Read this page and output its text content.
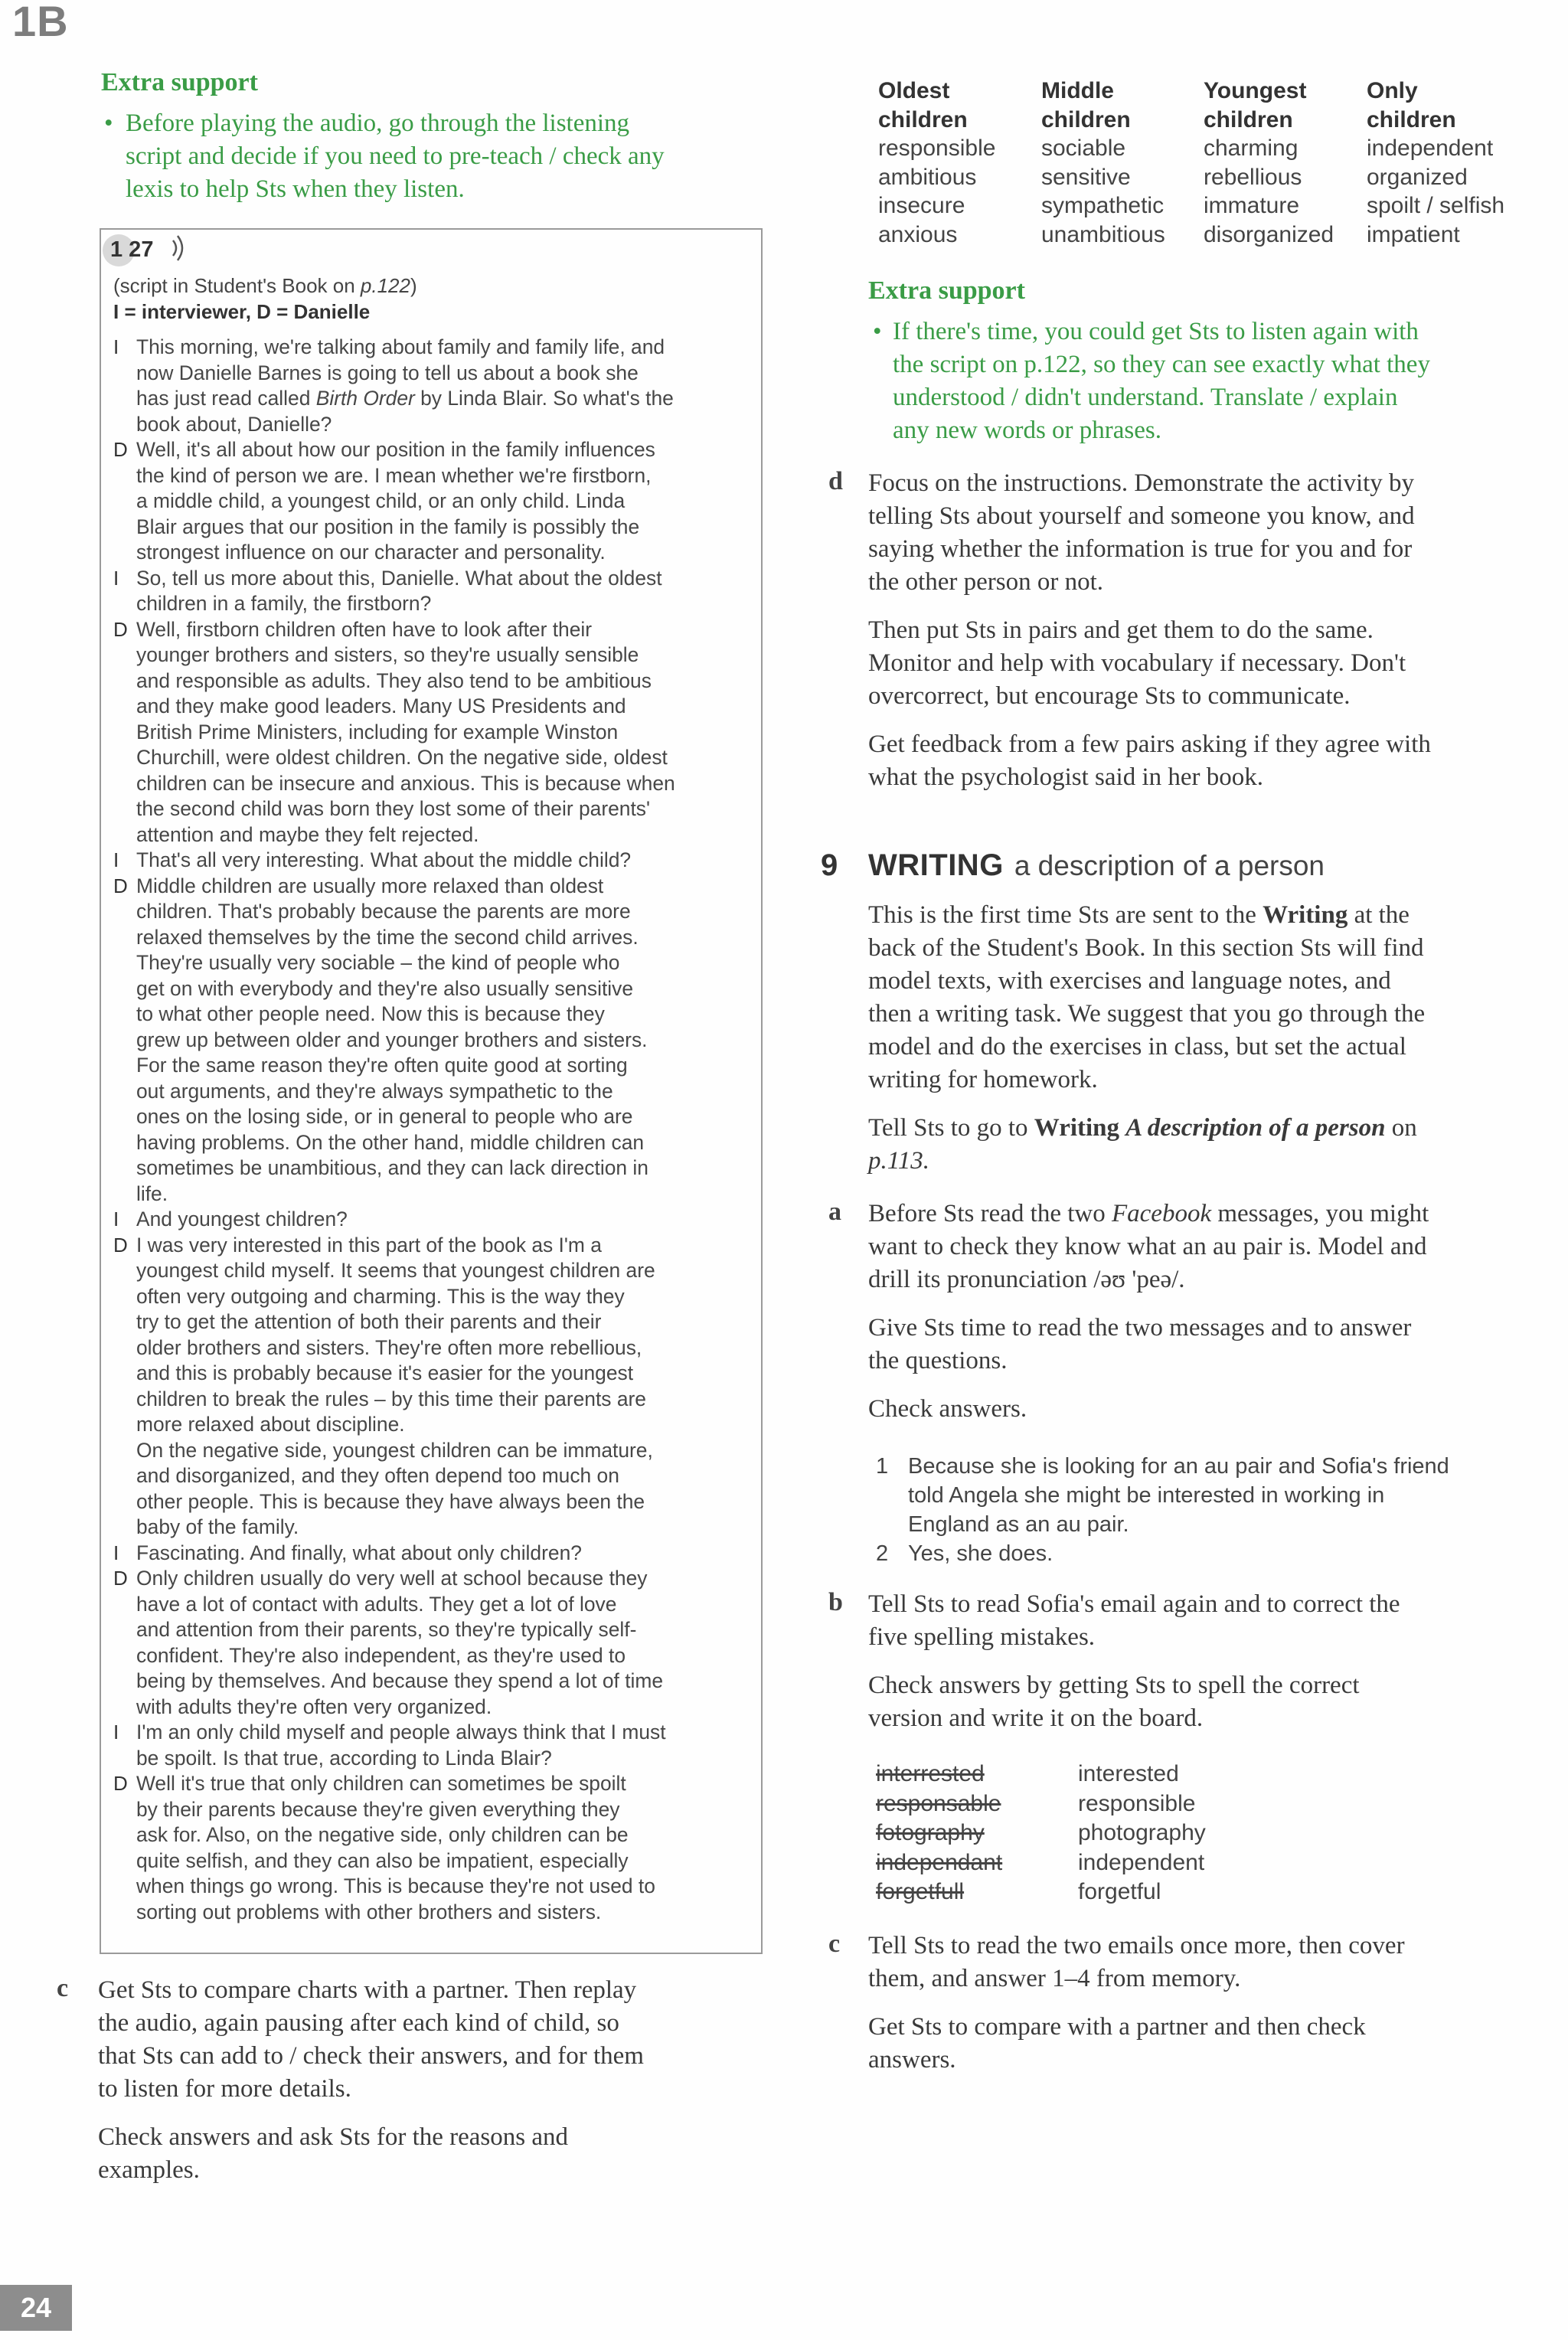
1B
Extra support
• Before playing the audio, go through the listening
script and decide if you need to pre-teach / check any
lexis to help Sts when they listen.
1 27
(script in Student's Book on p.122)
I = interviewer, D = Danielle
I This morning, we're talking about family and family life, and
now Danielle Barnes is going to tell us about a book she
has just read called Birth Order by Linda Blair. So what's the
book about, Danielle?
D Well, it's all about how our position in the family influences
the kind of person we are. I mean whether we're firstborn,
a middle child, a youngest child, or an only child. Linda
Blair argues that our position in the family is possibly the
strongest influence on our character and personality.
I So, tell us more about this, Danielle. What about the oldest
children in a family, the firstborn?
D Well, firstborn children often have to look after their
younger brothers and sisters, so they're usually sensible
and responsible as adults. They also tend to be ambitious
and they make good leaders. Many US Presidents and
British Prime Ministers, including for example Winston
Churchill, were oldest children. On the negative side, oldest
children can be insecure and anxious. This is because when
the second child was born they lost some of their parents'
attention and maybe they felt rejected.
I That's all very interesting. What about the middle child?
D Middle children are usually more relaxed than oldest
children. That's probably because the parents are more
relaxed themselves by the time the second child arrives.
They're usually very sociable – the kind of people who
get on with everybody and they're also usually sensitive
to what other people need. Now this is because they
grew up between older and younger brothers and sisters.
For the same reason they're often quite good at sorting
out arguments, and they're always sympathetic to the
ones on the losing side, or in general to people who are
having problems. On the other hand, middle children can
sometimes be unambitious, and they can lack direction in
life.
I And youngest children?
D I was very interested in this part of the book as I'm a
youngest child myself. It seems that youngest children are
often very outgoing and charming. This is the way they
try to get the attention of both their parents and their
older brothers and sisters. They're often more rebellious,
and this is probably because it's easier for the youngest
children to break the rules – by this time their parents are
more relaxed about discipline.
On the negative side, youngest children can be immature,
and disorganized, and they often depend too much on
other people. This is because they have always been the
baby of the family.
I Fascinating. And finally, what about only children?
D Only children usually do very well at school because they
have a lot of contact with adults. They get a lot of love
and attention from their parents, so they're typically self-
confident. They're also independent, as they're used to
being by themselves. And because they spend a lot of time
with adults they're often very organized.
I I'm an only child myself and people always think that I must
be spoilt. Is that true, according to Linda Blair?
D Well it's true that only children can sometimes be spoilt
by their parents because they're given everything they
ask for. Also, on the negative side, only children can be
quite selfish, and they can also be impatient, especially
when things go wrong. This is because they're not used to
sorting out problems with other brothers and sisters.
c Get Sts to compare charts with a partner. Then replay
the audio, again pausing after each kind of child, so
that Sts can add to / check their answers, and for them
to listen for more details.
Check answers and ask Sts for the reasons and
examples.
Oldest
children
responsible
ambitious
insecure
anxious
Middle
children
sociable
sensitive
sympathetic
unambitious
Youngest
children
charming
rebellious
immature
disorganized
Only
children
independent
organized
spoilt / selfish
impatient
Extra support
• If there's time, you could get Sts to listen again with
the script on p.122, so they can see exactly what they
understood / didn't understand. Translate / explain
any new words or phrases.
d Focus on the instructions. Demonstrate the activity by
telling Sts about yourself and someone you know, and
saying whether the information is true for you and for
the other person or not.
Then put Sts in pairs and get them to do the same.
Monitor and help with vocabulary if necessary. Don't
overcorrect, but encourage Sts to communicate.
Get feedback from a few pairs asking if they agree with
what the psychologist said in her book.
9 WRITING a description of a person
This is the first time Sts are sent to the Writing at the
back of the Student's Book. In this section Sts will find
model texts, with exercises and language notes, and
then a writing task. We suggest that you go through the
model and do the exercises in class, but set the actual
writing for homework.
Tell Sts to go to Writing A description of a person on
p.113.
a Before Sts read the two Facebook messages, you might
want to check they know what an au pair is. Model and
drill its pronunciation /əʊ 'peə/.
Give Sts time to read the two messages and to answer
the questions.
Check answers.
1 Because she is looking for an au pair and Sofia's friend
told Angela she might be interested in working in
England as an au pair.
2 Yes, she does.
b Tell Sts to read Sofia's email again and to correct the
five spelling mistakes.
Check answers by getting Sts to spell the correct
version and write it on the board.
interrested
responsable
fotography
independant
forgetfull
interested
responsible
photography
independent
forgetful
c Tell Sts to read the two emails once more, then cover
them, and answer 1–4 from memory.
Get Sts to compare with a partner and then check
answers.
24
